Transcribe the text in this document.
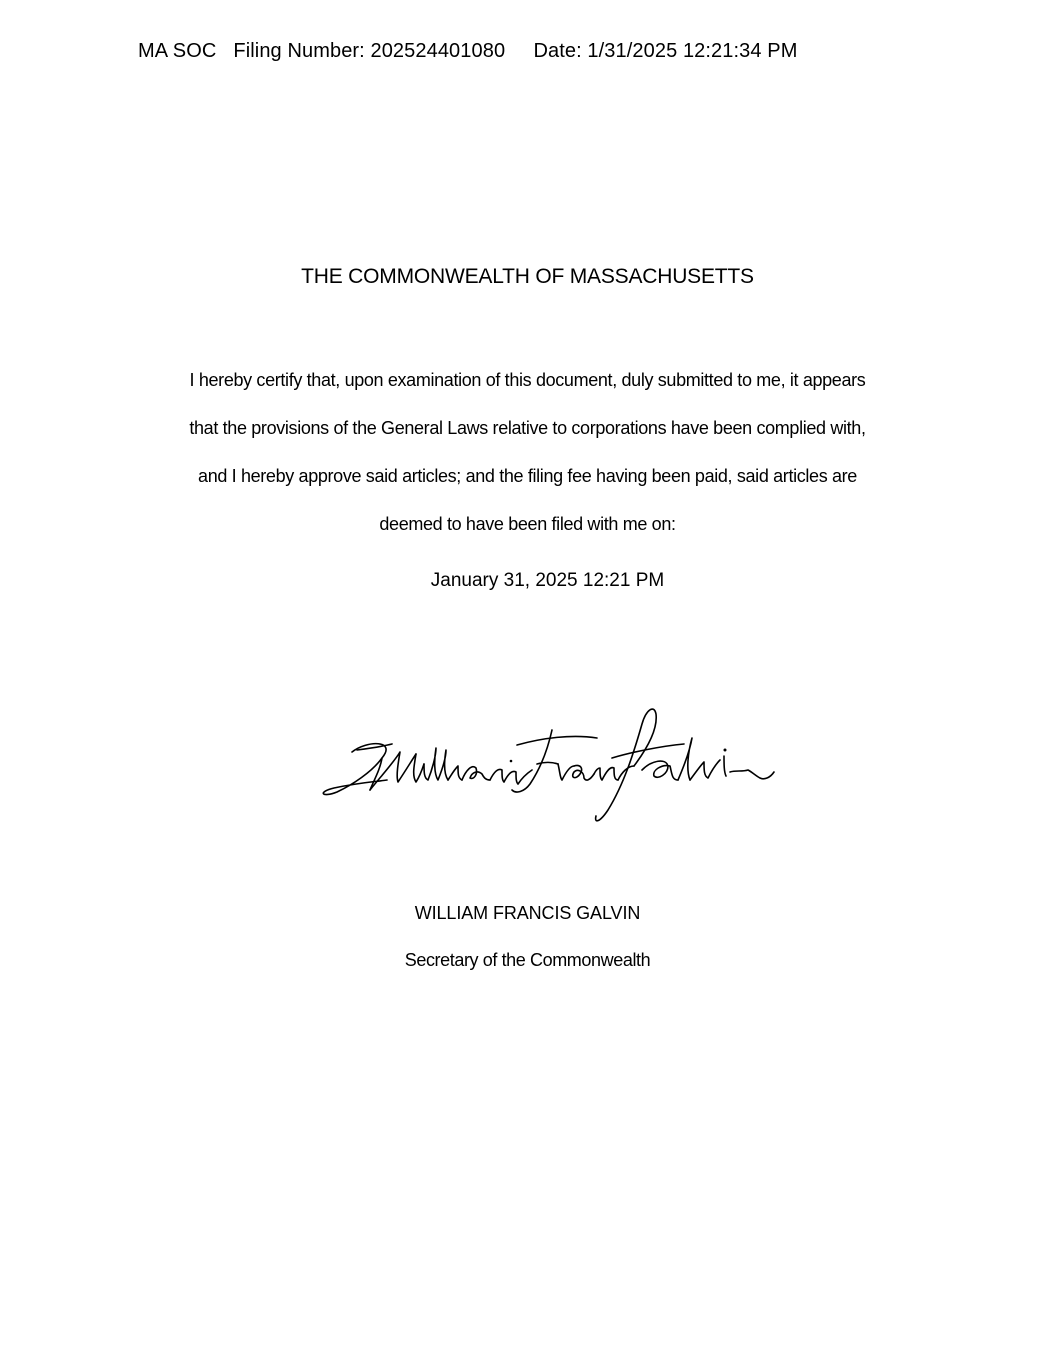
MA SOC Filing Number: 202524401080 Date: 1/31/2025 12:21:34 PM
THE COMMONWEALTH OF MASSACHUSETTS
I hereby certify that, upon examination of this document, duly submitted to me, it appears
that the provisions of the General Laws relative to corporations have been complied with,
and I hereby approve said articles; and the filing fee having been paid, said articles are
deemed to have been filed with me on:
January 31, 2025 12:21 PM
WILLIAM FRANCIS GALVIN
Secretary of the Commonwealth
